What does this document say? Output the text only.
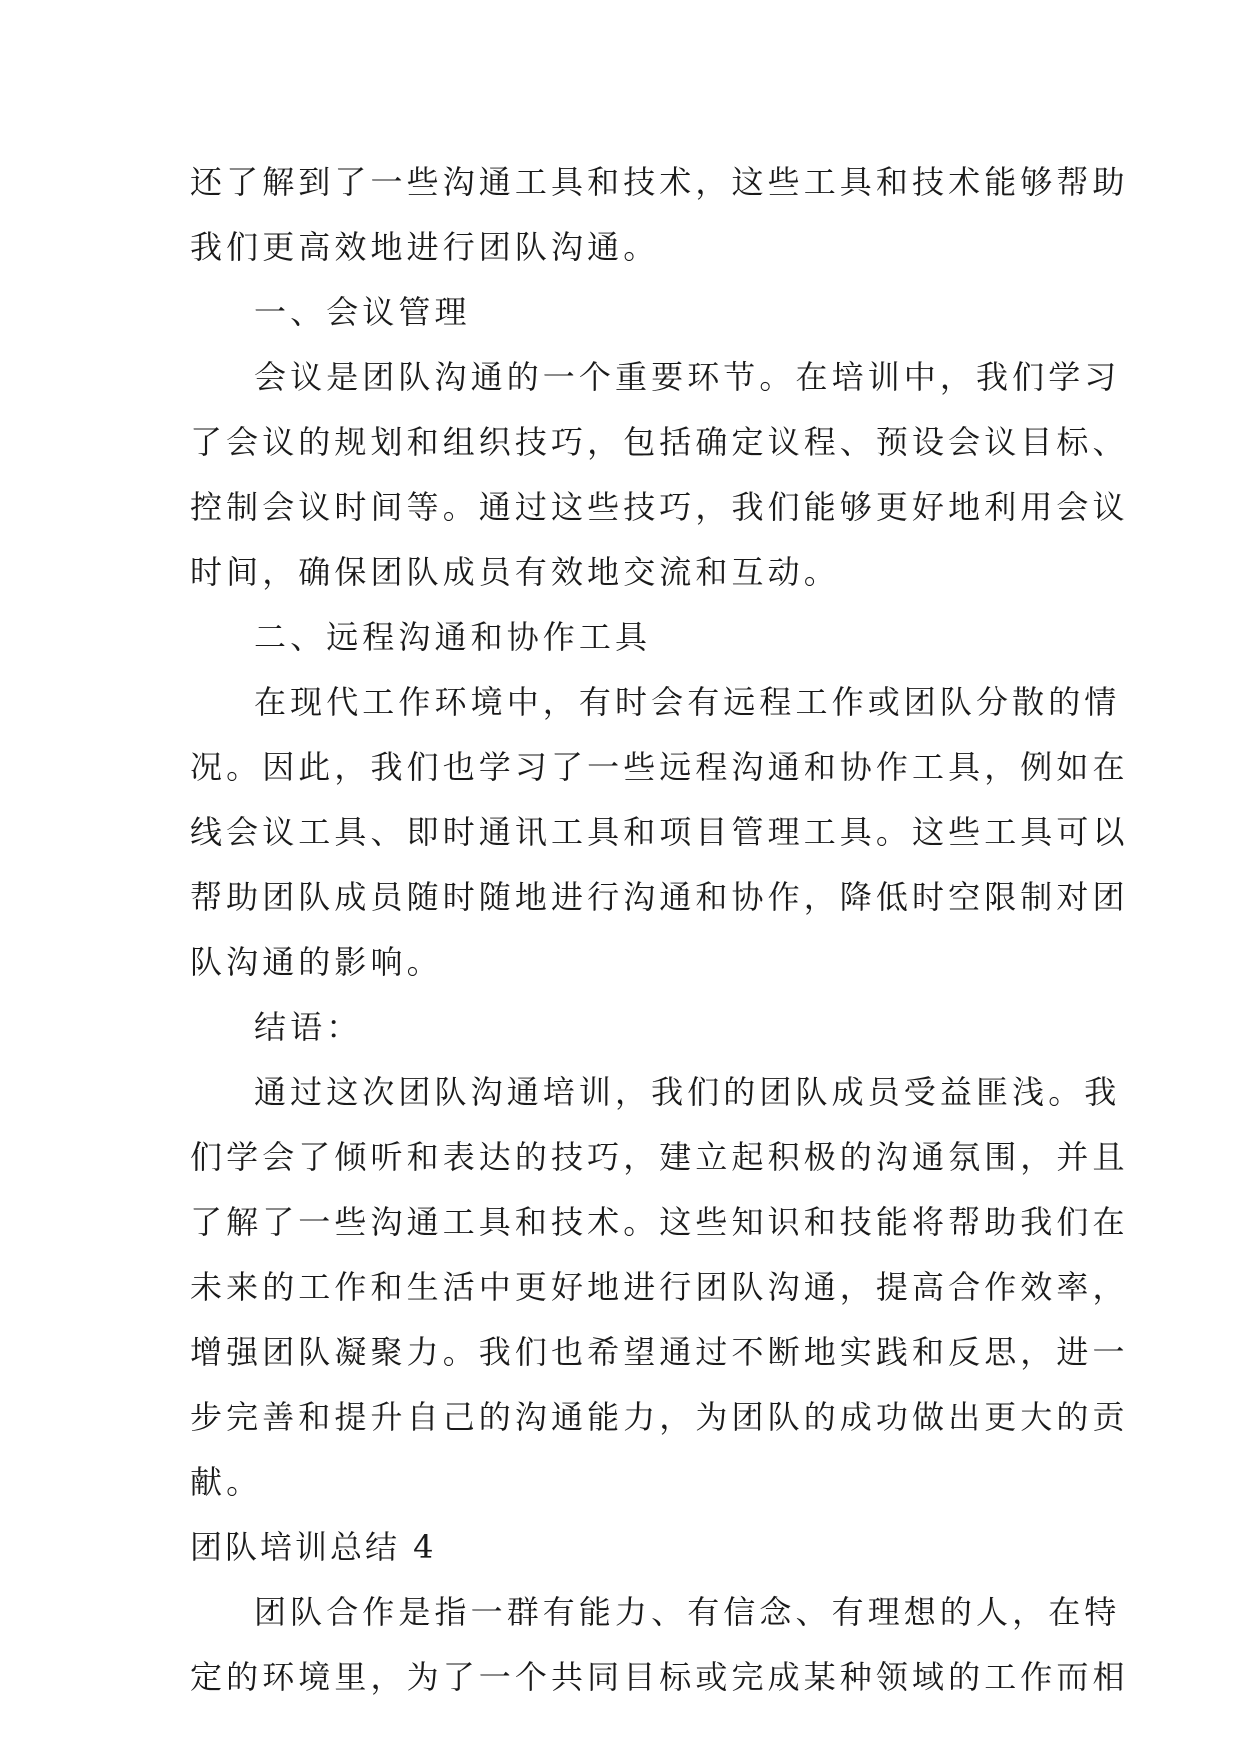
还了解到了一些沟通工具和技术，这些工具和技术能够帮助
我们更高效地进行团队沟通。
一、会议管理
会议是团队沟通的一个重要环节。在培训中，我们学习
了会议的规划和组织技巧，包括确定议程、预设会议目标、
控制会议时间等。通过这些技巧，我们能够更好地利用会议
时间，确保团队成员有效地交流和互动。
二、远程沟通和协作工具
在现代工作环境中，有时会有远程工作或团队分散的情
况。因此，我们也学习了一些远程沟通和协作工具，例如在
线会议工具、即时通讯工具和项目管理工具。这些工具可以
帮助团队成员随时随地进行沟通和协作，降低时空限制对团
队沟通的影响。
结语：
通过这次团队沟通培训，我们的团队成员受益匪浅。我
们学会了倾听和表达的技巧，建立起积极的沟通氛围，并且
了解了一些沟通工具和技术。这些知识和技能将帮助我们在
未来的工作和生活中更好地进行团队沟通，提高合作效率，
增强团队凝聚力。我们也希望通过不断地实践和反思，进一
步完善和提升自己的沟通能力，为团队的成功做出更大的贡
献。
团队培训总结 4
团队合作是指一群有能力、有信念、有理想的人，在特
定的环境里，为了一个共同目标或完成某种领域的工作而相
